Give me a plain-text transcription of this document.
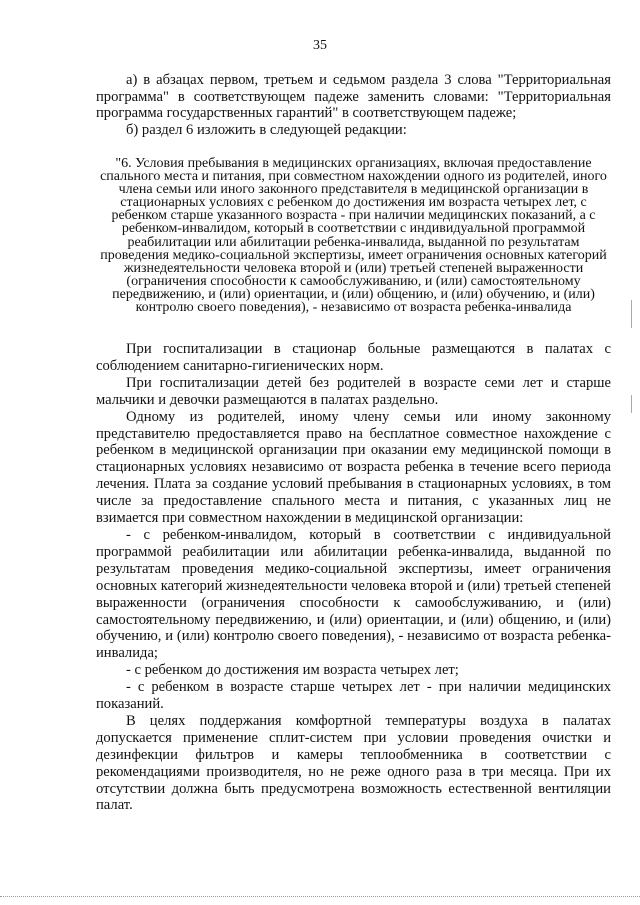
35

а) в абзацах первом, третьем и седьмом раздела 3 слова "Территориальная программа" в соответствующем падеже заменить словами: "Территориальная программа государственных гарантий" в соответствующем падеже;

б) раздел 6 изложить в следующей редакции:

"6. Условия пребывания в медицинских организациях, включая предоставление спального места и питания, при совместном нахождении одного из родителей, иного члена семьи или иного законного представителя в медицинской организации в стационарных условиях с ребенком до достижения им возраста четырех лет, с ребенком старше указанного возраста - при наличии медицинских показаний, а с ребенком-инвалидом, который в соответствии с индивидуальной программой реабилитации или абилитации ребенка-инвалида, выданной по результатам проведения медико-социальной экспертизы, имеет ограничения основных категорий жизнедеятельности человека второй и (или) третьей степеней выраженности (ограничения способности к самообслуживанию, и (или) самостоятельному передвижению, и (или) ориентации, и (или) общению, и (или) обучению, и (или) контролю своего поведения), - независимо от возраста ребенка-инвалида

При госпитализации в стационар больные размещаются в палатах с соблюдением санитарно-гигиенических норм.

При госпитализации детей без родителей в возрасте семи лет и старше мальчики и девочки размещаются в палатах раздельно.

Одному из родителей, иному члену семьи или иному законному представителю предоставляется право на бесплатное совместное нахождение с ребенком в медицинской организации при оказании ему медицинской помощи в стационарных условиях независимо от возраста ребенка в течение всего периода лечения. Плата за создание условий пребывания в стационарных условиях, в том числе за предоставление спального места и питания, с указанных лиц не взимается при совместном нахождении в медицинской организации:

- с ребенком-инвалидом, который в соответствии с индивидуальной программой реабилитации или абилитации ребенка-инвалида, выданной по результатам проведения медико-социальной экспертизы, имеет ограничения основных категорий жизнедеятельности человека второй и (или) третьей степеней выраженности (ограничения способности к самообслуживанию, и (или) самостоятельному передвижению, и (или) ориентации, и (или) общению, и (или) обучению, и (или) контролю своего поведения), - независимо от возраста ребенка-инвалида;

- с ребенком до достижения им возраста четырех лет;

- с ребенком в возрасте старше четырех лет - при наличии медицинских показаний.

В целях поддержания комфортной температуры воздуха в палатах допускается применение сплит-систем при условии проведения очистки и дезинфекции фильтров и камеры теплообменника в соответствии с рекомендациями производителя, но не реже одного раза в три месяца. При их отсутствии должна быть предусмотрена возможность естественной вентиляции палат.
